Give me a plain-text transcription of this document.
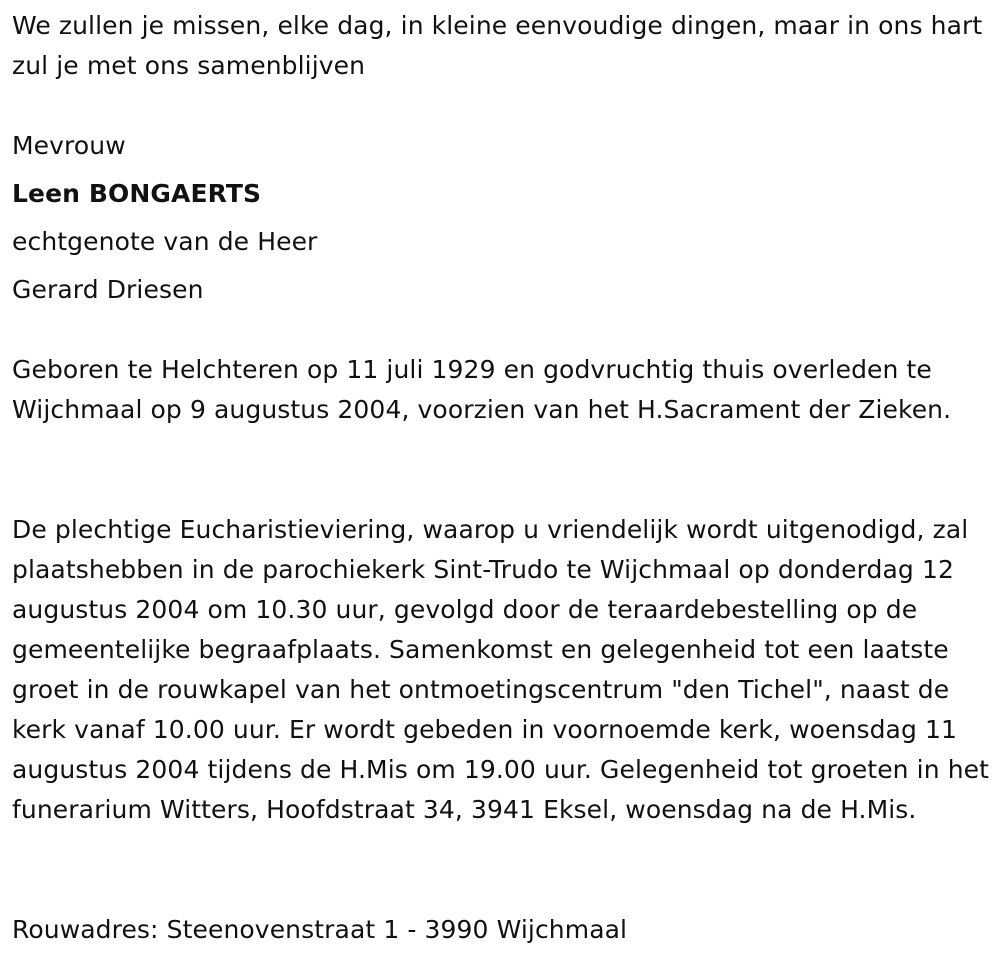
We zullen je missen, elke dag, in kleine eenvoudige dingen, maar in ons hart zul je met ons samenblijven

Mevrouw

Leen BONGAERTS

echtgenote van de Heer

Gerard Driesen

Geboren te Helchteren op 11 juli 1929 en godvruchtig thuis overleden te Wijchmaal op 9 augustus 2004, voorzien van het H.Sacrament der Zieken.

De plechtige Eucharistieviering, waarop u vriendelijk wordt uitgenodigd, zal plaatshebben in de parochiekerk Sint-Trudo te Wijchmaal op donderdag 12 augustus 2004 om 10.30 uur, gevolgd door de teraardebestelling op de gemeentelijke begraafplaats. Samenkomst en gelegenheid tot een laatste groet in de rouwkapel van het ontmoetingscentrum "den Tichel", naast de kerk vanaf 10.00 uur. Er wordt gebeden in voornoemde kerk, woensdag 11 augustus 2004 tijdens de H.Mis om 19.00 uur. Gelegenheid tot groeten in het funerarium Witters, Hoofdstraat 34, 3941 Eksel, woensdag na de H.Mis.

Rouwadres: Steenovenstraat 1 - 3990 Wijchmaal
